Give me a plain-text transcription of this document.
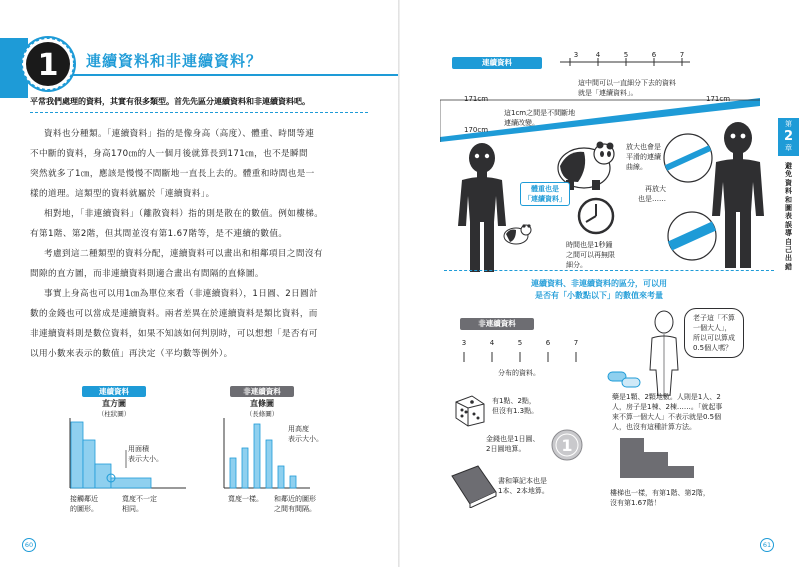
1 連續資料和非連續資料？
平常我們處理的資料，其實有很多類型。首先先區分連續資料和非連續資料吧。
資料也分種類。「連續資料」指的是像身高（高度）、體重、時間等連
不中斷的資料，身高170㎝的人一個月後就算長到171㎝，也不是瞬間
突然就多了1㎝，應該是慢慢不間斷地一直長上去的。體重和時間也是一
樣的道理。這類型的資料就屬於「連續資料」。
相對地，「非連續資料」（離散資料）指的則是散在的數值。例如樓梯。
有第1階、第2階，但其間並沒有第1.67階等，是不連續的數值。
考慮到這二種類型的資料分配，連續資料可以畫出和相鄰項目之間沒有
間隙的直方圖，而非連續資料則適合畫出有間隔的直條圖。
事實上身高也可以用1㎝為單位來看（非連續資料），1日圓、2日圓計
數的金錢也可以當成是連續資料。兩者差異在於連續資料是類比資料，而
非連續資料則是數位資料，如果不知該如何判別時，可以想想「是否有可
以用小數來表示的數值」再決定（平均數等例外）。
連續資料
直方圖
（柱狀圖）
用面積
表示大小。
接觸鄰近
的圖形。
寬度不一定
相同。
非連續資料
直條圖
（長條圖）
用高度
表示大小。
寬度一樣。 和鄰近的圖形
之間有間隔。
60
連續資料
3	4	5	6	7
這中間可以一直細分下去的資料
就是「連續資料」。
171cm	171cm
170cm
這1cm之間是不間斷地
連續改變。
體重也是
「連續資料」
時間也是1秒鐘
之間可以再無限
細分。
放大也會是
平滑的連續
曲線。
再放大
也是……
連續資料、非連續資料的區分，可以用
是否有「小數點以下」的數值來考量
非連續資料
3	4	5	6	7
分布的資料。
老子這「不算
一個大人」，
所以可以算成
0.5個人嗎？
藥是1顆、2顆地數。人則是1人、2
人，房子是1棟、2棟……。「就起事
來不算一個大人」不表示就是0.5個
人，也沒有這種計算方法。
有1點、2點，
但沒有1.3點。
金錢也是1日圓、
2日圓地算。	1
書和筆記本也是
1本、2本地算。	樓梯也一樣，有第1階、第2階，
沒有第1.67階！
第
2
章
避
免
資
料
和
圖
表
誤
導
自
己
出
錯
61
